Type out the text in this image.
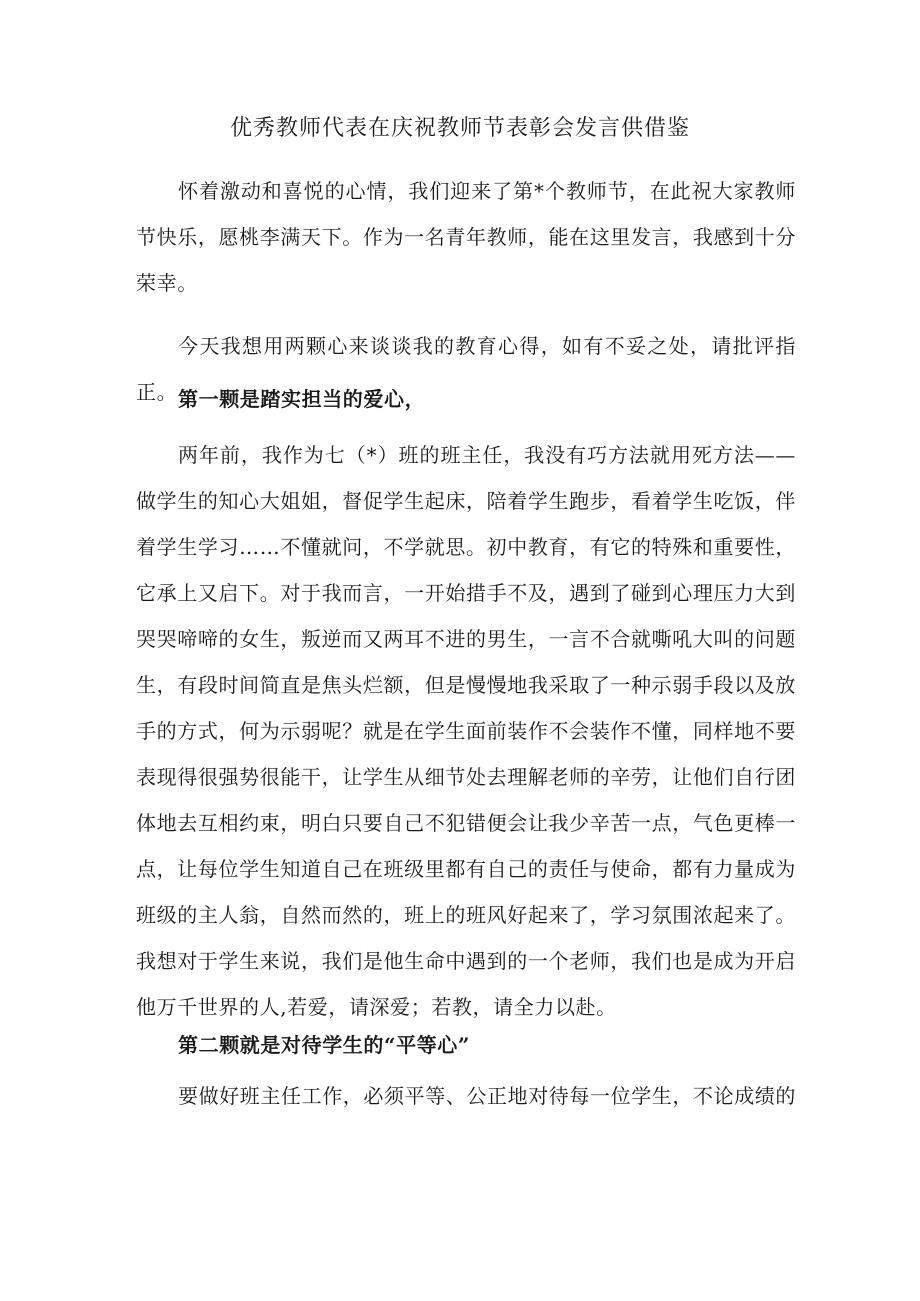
优秀教师代表在庆祝教师节表彰会发言供借鉴

怀着激动和喜悦的心情，我们迎来了第*个教师节，在此祝大家教师节快乐，愿桃李满天下。作为一名青年教师，能在这里发言，我感到十分荣幸。

今天我想用两颗心来谈谈我的教育心得，如有不妥之处，请批评指正。 第一颗是踏实担当的爱心，

两年前，我作为七（*）班的班主任，我没有巧方法就用死方法——做学生的知心大姐姐，督促学生起床，陪着学生跑步，看着学生吃饭，伴着学生学习……不懂就问，不学就思。初中教育，有它的特殊和重要性，它承上又启下。对于我而言，一开始措手不及，遇到了碰到心理压力大到哭哭啼啼的女生，叛逆而又两耳不进的男生，一言不合就嘶吼大叫的问题生，有段时间简直是焦头烂额，但是慢慢地我采取了一种示弱手段以及放手的方式，何为示弱呢？就是在学生面前装作不会装作不懂，同样地不要表现得很强势很能干，让学生从细节处去理解老师的辛劳，让他们自行团体地去互相约束，明白只要自己不犯错便会让我少辛苦一点，气色更棒一点，让每位学生知道自己在班级里都有自己的责任与使命，都有力量成为班级的主人翁，自然而然的，班上的班风好起来了，学习氛围浓起来了。我想对于学生来说，我们是他生命中遇到的一个老师，我们也是成为开启他万千世界的人,若爱，请深爱；若教，请全力以赴。

第二颗就是对待学生的“平等心”

要做好班主任工作，必须平等、公正地对待每一位学生，不论成绩的
